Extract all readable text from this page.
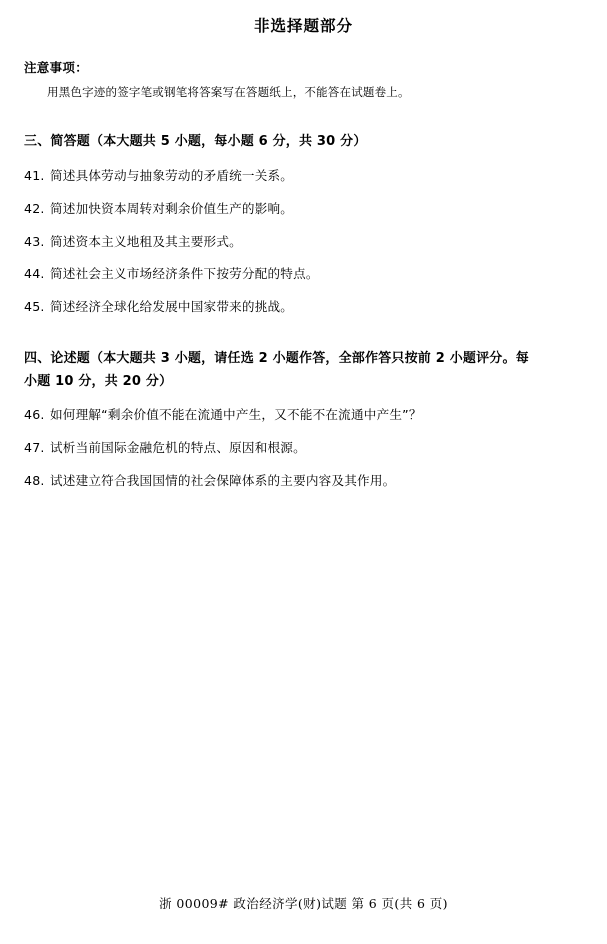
非选择题部分
注意事项：
用黑色字迹的签字笔或钢笔将答案写在答题纸上，不能答在试题卷上。
三、简答题（本大题共 5 小题，每小题 6 分，共 30 分）
41. 简述具体劳动与抽象劳动的矛盾统一关系。
42. 简述加快资本周转对剩余价值生产的影响。
43. 简述资本主义地租及其主要形式。
44. 简述社会主义市场经济条件下按劳分配的特点。
45. 简述经济全球化给发展中国家带来的挑战。
四、论述题（本大题共 3 小题，请任选 2 小题作答，全部作答只按前 2 小题评分。每小题 10 分，共 20 分）
46. 如何理解“剩余价值不能在流通中产生，又不能不在流通中产生”？
47. 试析当前国际金融危机的特点、原因和根源。
48. 试述建立符合我国国情的社会保障体系的主要内容及其作用。
浙 00009# 政治经济学(财)试题 第 6 页(共 6 页)
